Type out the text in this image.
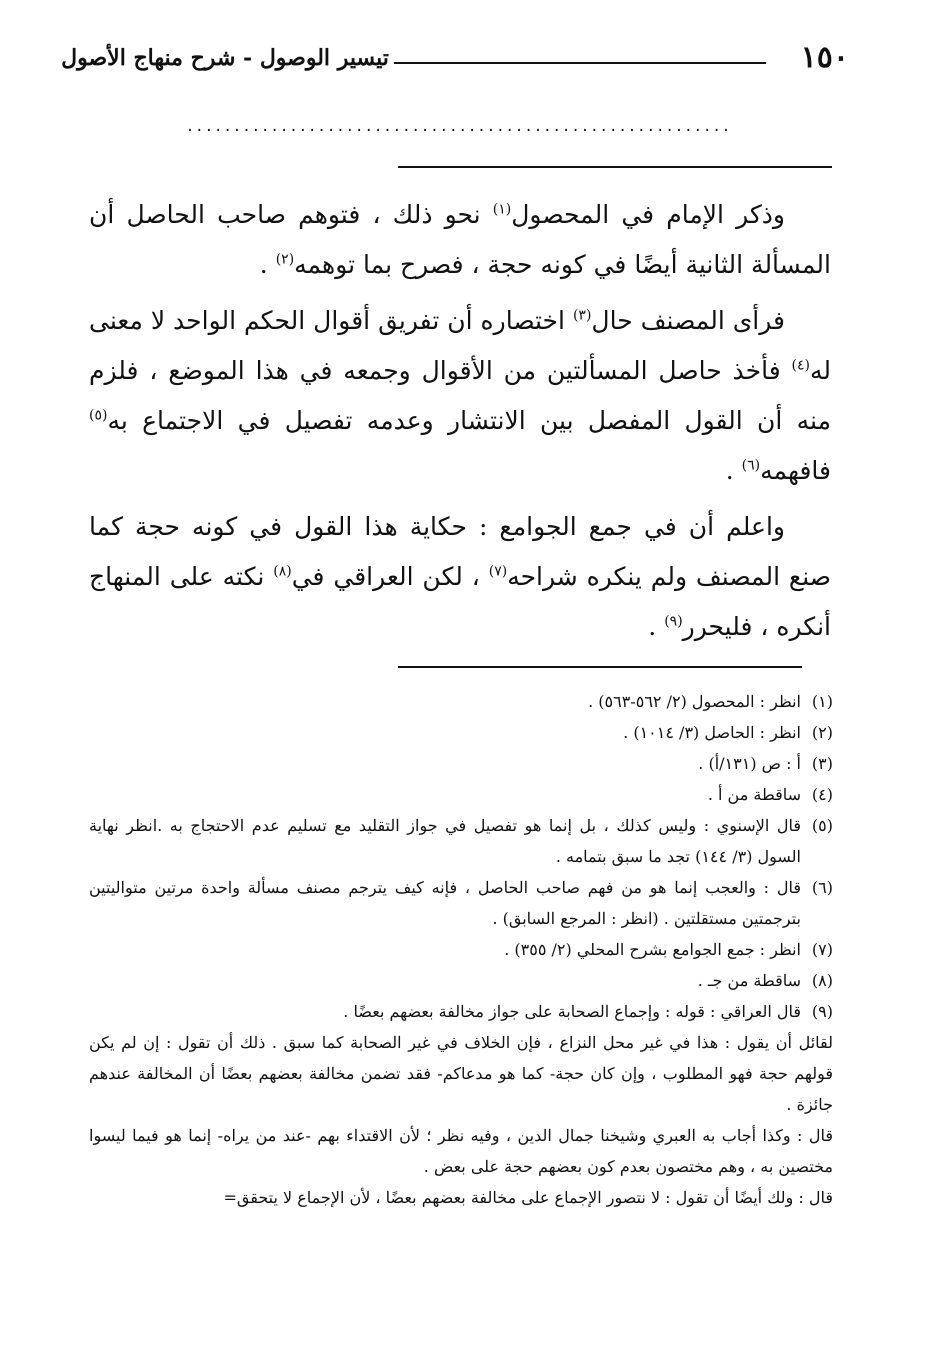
١٥٠
تيسير الوصول - شرح منهاج الأصول
..........................................................

وذكر الإمام في المحصول$^{(١)}$ نحو ذلك ، فتوهم صاحب الحاصل أن المسألة الثانية أيضًا في كونه حجة ، فصرح بما توهمه$^{(٢)}$ .

فرأى المصنف حال$^{(٣)}$ اختصاره أن تفريق أقوال الحكم الواحد لا معنى له$^{(٤)}$ فأخذ حاصل المسألتين من الأقوال وجمعه في هذا الموضع ، فلزم منه أن القول المفصل بين الانتشار وعدمه تفصيل في الاجتماع به$^{(٥)}$ فافهمه$^{(٦)}$ .

واعلم أن في جمع الجوامع : حكاية هذا القول في كونه حجة كما صنع المصنف ولم ينكره شراحه$^{(٧)}$ ، لكن العراقي في$^{(٨)}$ نكته على المنهاج أنكره ، فليحرر$^{(٩)}$ .

(١)
انظر : المحصول (٢/ ٥٦٢-٥٦٣) .
(٢)
انظر : الحاصل (٣/ ١٠١٤) .
(٣)
أ : ص (١٣١/أ) .
(٤)
ساقطة من أ .
(٥)
قال الإسنوي : وليس كذلك ، بل إنما هو تفصيل في جواز التقليد مع تسليم عدم الاحتجاج به .انظر نهاية السول (٣/ ١٤٤) تجد ما سبق بتمامه .
(٦)
قال : والعجب إنما هو من فهم صاحب الحاصل ، فإنه كيف يترجم مصنف مسألة واحدة مرتين متواليتين بترجمتين مستقلتين . (انظر : المرجع السابق) .
(٧)
انظر : جمع الجوامع بشرح المحلي (٢/ ٣٥٥) .
(٨)
ساقطة من جـ .
(٩)
قال العراقي : قوله : وإجماع الصحابة على جواز مخالفة بعضهم بعضًا .

لقائل أن يقول : هذا في غير محل النزاع ، فإن الخلاف في غير الصحابة كما سبق . ذلك أن تقول : إن لم يكن قولهم حجة فهو المطلوب ، وإن كان حجة- كما هو مدعاكم- فقد تضمن مخالفة بعضهم بعضًا أن المخالفة عندهم جائزة .

قال : وكذا أجاب به العبري وشيخنا جمال الدين ، وفيه نظر ؛ لأن الاقتداء بهم -عند من يراه- إنما هو فيما ليسوا مختصين به ، وهم مختصون بعدم كون بعضهم حجة على بعض .

قال : ولك أيضًا أن تقول : لا نتصور الإجماع على مخالفة بعضهم بعضًا ، لأن الإجماع لا يتحقق=
